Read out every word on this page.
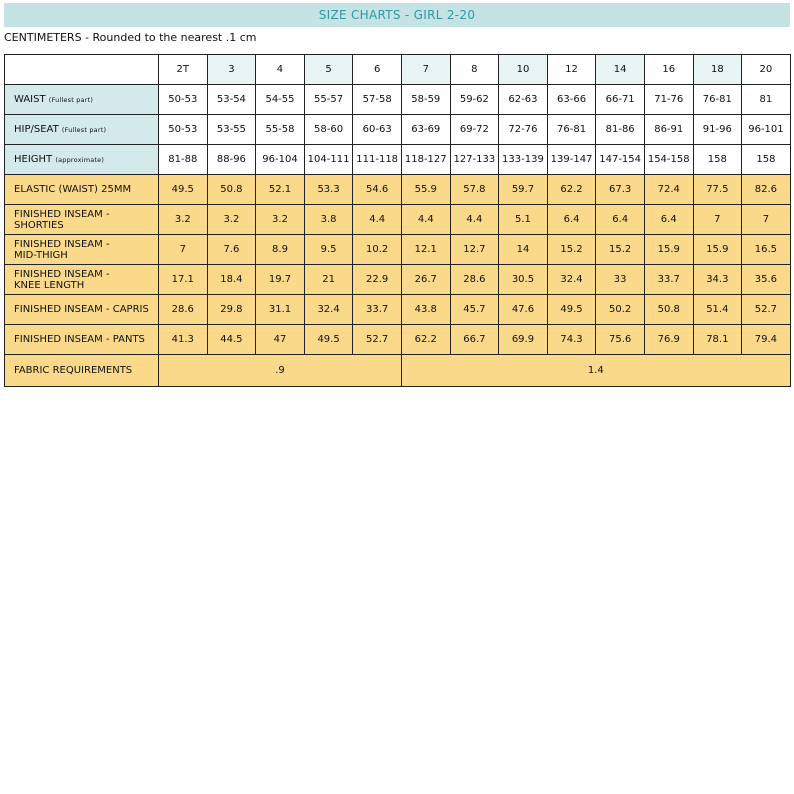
SIZE CHARTS - GIRL 2-20
CENTIMETERS - Rounded to the nearest .1 cm
	2T	3	4	5	6	7	8	10	12	14	16	18	20
WAIST (Fullest part)	50-53	53-54	54-55	55-57	57-58	58-59	59-62	62-63	63-66	66-71	71-76	76-81	81
HIP/SEAT (Fullest part)	50-53	53-55	55-58	58-60	60-63	63-69	69-72	72-76	76-81	81-86	86-91	91-96	96-101
HEIGHT (approximate)	81-88	88-96	96-104	104-111	111-118	118-127	127-133	133-139	139-147	147-154	154-158	158	158
ELASTIC (WAIST) 25MM	49.5	50.8	52.1	53.3	54.6	55.9	57.8	59.7	62.2	67.3	72.4	77.5	82.6
FINISHED INSEAM - SHORTIES	3.2	3.2	3.2	3.8	4.4	4.4	4.4	5.1	6.4	6.4	6.4	7	7
FINISHED INSEAM -
MID-THIGH	7	7.6	8.9	9.5	10.2	12.1	12.7	14	15.2	15.2	15.9	15.9	16.5
FINISHED INSEAM -
KNEE LENGTH	17.1	18.4	19.7	21	22.9	26.7	28.6	30.5	32.4	33	33.7	34.3	35.6
FINISHED INSEAM - CAPRIS	28.6	29.8	31.1	32.4	33.7	43.8	45.7	47.6	49.5	50.2	50.8	51.4	52.7
FINISHED INSEAM - PANTS	41.3	44.5	47	49.5	52.7	62.2	66.7	69.9	74.3	75.6	76.9	78.1	79.4
FABRIC REQUIREMENTS	.9					1.4							
